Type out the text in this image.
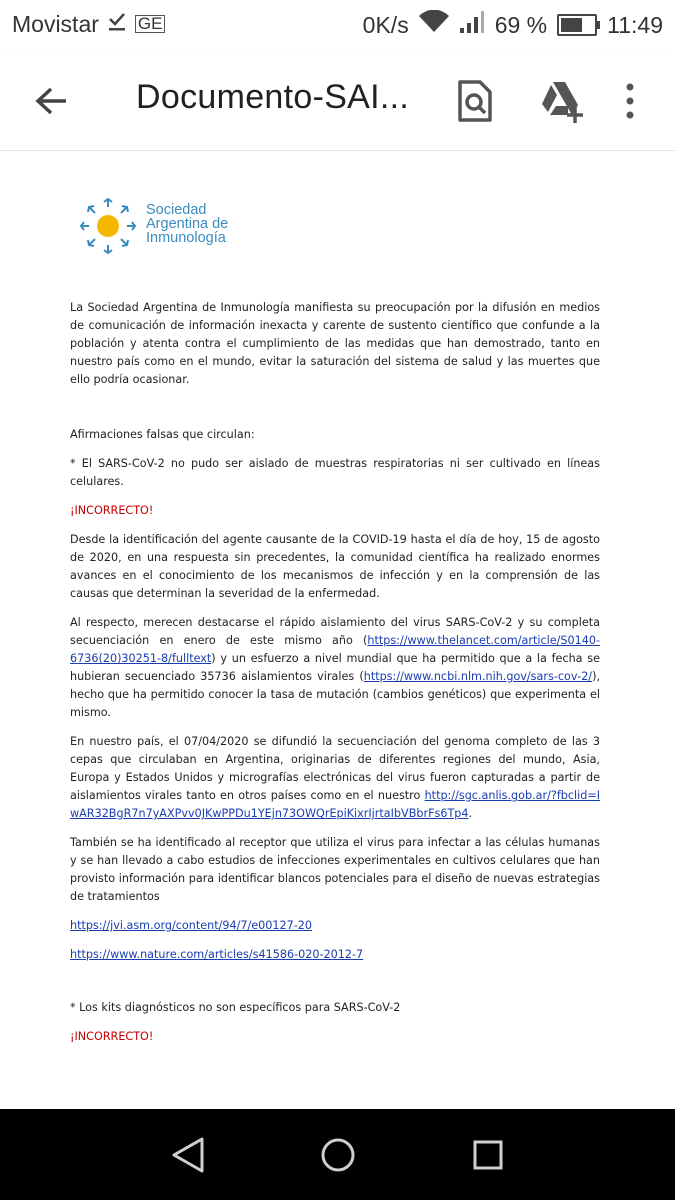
Movistar GE	0K/s	69 %	11:49
Documento-SAI...
Sociedad
Argentina de
Inmunología

La Sociedad Argentina de Inmunología manifiesta su preocupación por la difusión en medios de comunicación de información inexacta y carente de sustento científico que confunde a la población y atenta contra el cumplimiento de las medidas que han demostrado, tanto en nuestro país como en el mundo, evitar la saturación del sistema de salud y las muertes que ello podría ocasionar.

Afirmaciones falsas que circulan:

* El SARS-CoV-2 no pudo ser aislado de muestras respiratorias ni ser cultivado en líneas celulares.

¡INCORRECTO!

Desde la identificación del agente causante de la COVID-19 hasta el día de hoy, 15 de agosto de 2020, en una respuesta sin precedentes, la comunidad científica ha realizado enormes avances en el conocimiento de los mecanismos de infección y en la comprensión de las causas que determinan la severidad de la enfermedad.

Al respecto, merecen destacarse el rápido aislamiento del virus SARS-CoV-2 y su completa secuenciación en enero de este mismo año (https://www.thelancet.com/article/S0140-6736(20)30251-8/fulltext) y un esfuerzo a nivel mundial que ha permitido que a la fecha se hubieran secuenciado 35736 aislamientos virales (https://www.ncbi.nlm.nih.gov/sars-cov-2/), hecho que ha permitido conocer la tasa de mutación (cambios genéticos) que experimenta el mismo.

En nuestro país, el 07/04/2020 se difundió la secuenciación del genoma completo de las 3 cepas que circulaban en Argentina, originarias de diferentes regiones del mundo, Asia, Europa y Estados Unidos y micrografías electrónicas del virus fueron capturadas a partir de aislamientos virales tanto en otros países como en el nuestro http://sgc.anlis.gob.ar/?fbclid=IwAR32BgR7n7yAXPvv0JKwPPDu1YEjn73OWQrEpiKixrIjrtaIbVBbrFs6Tp4.

También se ha identificado al receptor que utiliza el virus para infectar a las células humanas y se han llevado a cabo estudios de infecciones experimentales en cultivos celulares que han provisto información para identificar blancos potenciales para el diseño de nuevas estrategias de tratamientos

https://jvi.asm.org/content/94/7/e00127-20

https://www.nature.com/articles/s41586-020-2012-7

* Los kits diagnósticos no son específicos para SARS-CoV-2

¡INCORRECTO!
